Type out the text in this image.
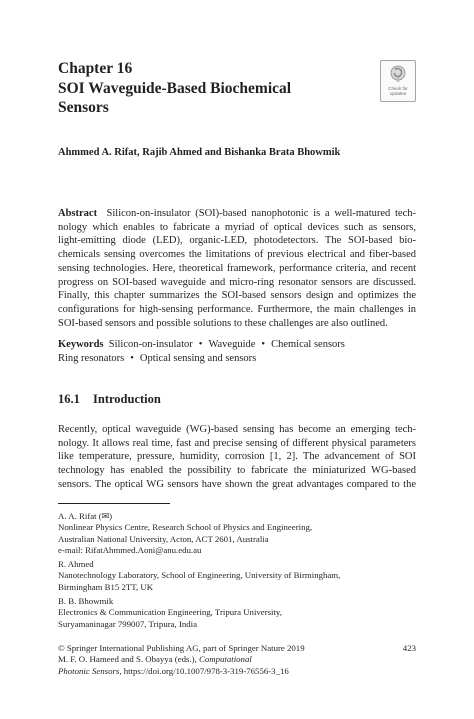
Chapter 16
SOI Waveguide-Based Biochemical
Sensors
Check for
updates
Ahmmed A. Rifat, Rajib Ahmed and Bishanka Brata Bhowmik
Abstract Silicon-on-insulator (SOI)-based nanophotonic is a well-matured tech-
nology which enables to fabricate a myriad of optical devices such as sensors,
light-emitting diode (LED), organic-LED, photodetectors. The SOI-based bio-
chemicals sensing overcomes the limitations of previous electrical and fiber-based
sensing technologies. Here, theoretical framework, performance criteria, and recent
progress on SOI-based waveguide and micro-ring resonator sensors are discussed.
Finally, this chapter summarizes the SOI-based sensors design and optimizes the
configurations for high-sensing performance. Furthermore, the main challenges in
SOI-based sensors and possible solutions to these challenges are also outlined.
Keywords Silicon-on-insulator • Waveguide • Chemical sensors
Ring resonators • Optical sensing and sensors
16.1 Introduction
Recently, optical waveguide (WG)-based sensing has become an emerging tech-
nology. It allows real time, fast and precise sensing of different physical parameters
like temperature, pressure, humidity, corrosion [1, 2]. The advancement of SOI
technology has enabled the possibility to fabricate the miniaturized WG-based
sensors. The optical WG sensors have shown the great advantages compared to the
A. A. Rifat (✉)
Nonlinear Physics Centre, Research School of Physics and Engineering,
Australian National University, Acton, ACT 2601, Australia
e-mail: RifatAhmmed.Aoni@anu.edu.au
R. Ahmed
Nanotechnology Laboratory, School of Engineering, University of Birmingham,
Birmingham B15 2TT, UK
B. B. Bhowmik
Electronics & Communication Engineering, Tripura University,
Suryamaninagar 799007, Tripura, India
© Springer International Publishing AG, part of Springer Nature 2019
M. F. O. Hameed and S. Obayya (eds.), Computational
Photonic Sensors, https://doi.org/10.1007/978-3-319-76556-3_16
423
